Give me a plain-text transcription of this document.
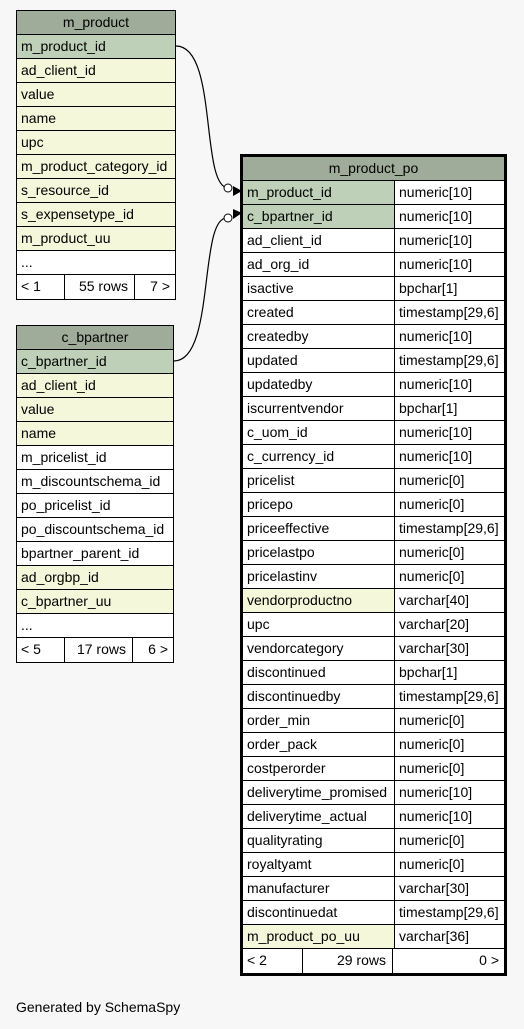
m_product
m_product_id
ad_client_id
value
name
upc
m_product_category_id
s_resource_id
s_expensetype_id
m_product_uu
...
< 1	55 rows	7 >
c_bpartner
c_bpartner_id
ad_client_id
value
name
m_pricelist_id
m_discountschema_id
po_pricelist_id
po_discountschema_id
bpartner_parent_id
ad_orgbp_id
c_bpartner_uu
...
< 5	17 rows	6 >
m_product_po
m_product_id	numeric[10]
c_bpartner_id	numeric[10]
ad_client_id	numeric[10]
ad_org_id	numeric[10]
isactive	bpchar[1]
created	timestamp[29,6]
createdby	numeric[10]
updated	timestamp[29,6]
updatedby	numeric[10]
iscurrentvendor	bpchar[1]
c_uom_id	numeric[10]
c_currency_id	numeric[10]
pricelist	numeric[0]
pricepo	numeric[0]
priceeffective	timestamp[29,6]
pricelastpo	numeric[0]
pricelastinv	numeric[0]
vendorproductno	varchar[40]
upc	varchar[20]
vendorcategory	varchar[30]
discontinued	bpchar[1]
discontinuedby	timestamp[29,6]
order_min	numeric[0]
order_pack	numeric[0]
costperorder	numeric[0]
deliverytime_promised numeric[10]
deliverytime_actual	numeric[10]
qualityrating	numeric[0]
royaltyamt	numeric[0]
manufacturer	varchar[30]
discontinuedat	timestamp[29,6]
m_product_po_uu	varchar[36]
< 2	29 rows	0 >
Generated by SchemaSpy
